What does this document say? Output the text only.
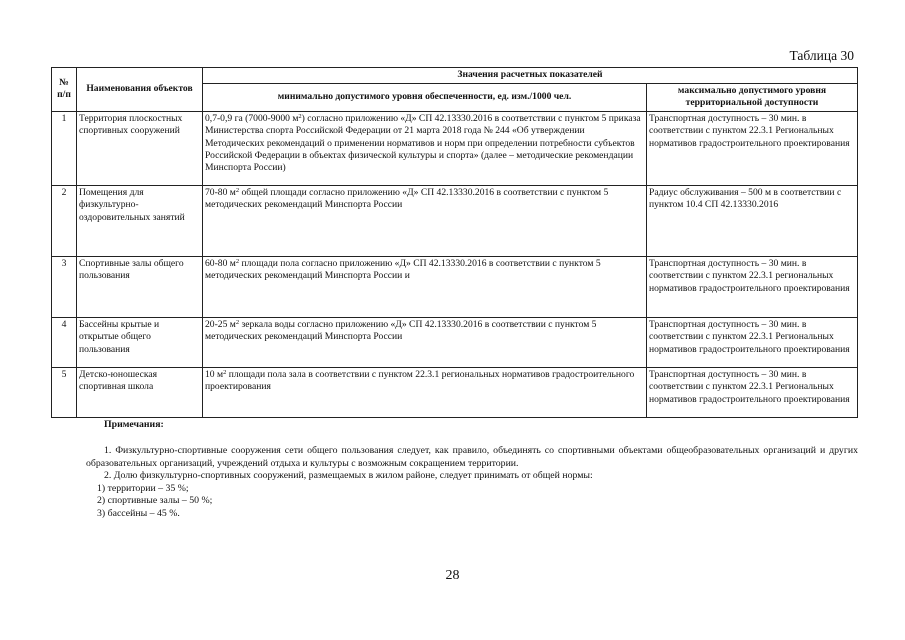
Таблица 30
№ п/п	Наименования объектов	Значения расчетных показателей	
		минимально допустимого уровня обеспеченности, ед. изм./1000 чел.	максимально допустимого уровня территориальной доступности
1	Территория плоскостных спортивных сооружений	0,7-0,9 га (7000-9000 $м^2$) согласно приложению «Д» СП 42.13330.2016 в соответствии с пунктом 5 приказа Министерства спорта Российской Федерации от 21 марта 2018 года № 244 «Об утверждении Методических рекомендаций о применении нормативов и норм при определении потребности субъектов Российской Федерации в объектах физической культуры и спорта» (далее – методические рекомендации Минспорта России)	Транспортная доступность – 30 мин. в соответствии с пунктом 22.3.1 Региональных нормативов градостроительного проектирования
2	Помещения для физкультурно-оздоровительных занятий	70-80 $м^2$ общей площади согласно приложению «Д» СП 42.13330.2016 в соответствии с пунктом 5 методических рекомендаций Минспорта России	Радиус обслуживания – 500 м в соответствии с пунктом 10.4 СП 42.13330.2016
3	Спортивные залы общего пользования	60-80 $м^2$ площади пола согласно приложению «Д» СП 42.13330.2016 в соответствии с пунктом 5 методических рекомендаций Минспорта России и	Транспортная доступность – 30 мин. в соответствии с пунктом 22.3.1 региональных нормативов градостроительного проектирования
4	Бассейны крытые и открытые общего пользования	20-25 $м^2$ зеркала воды согласно приложению «Д» СП 42.13330.2016 в соответствии с пунктом 5 методических рекомендаций Минспорта России	Транспортная доступность – 30 мин. в соответствии с пунктом 22.3.1 Региональных нормативов градостроительного проектирования
5	Детско-юношеская спортивная школа	10 $м^2$ площади пола зала в соответствии с пунктом 22.3.1 региональных нормативов градостроительного проектирования	Транспортная доступность – 30 мин. в соответствии с пунктом 22.3.1 Региональных нормативов градостроительного проектирования
Примечания:

1. Физкультурно-спортивные сооружения сети общего пользования следует, как правило, объединять со спортивными объектами общеобразовательных организаций и других образовательных организаций, учреждений отдыха и культуры с возможным сокращением территории.

2. Долю физкультурно-спортивных сооружений, размещаемых в жилом районе, следует принимать от общей нормы:

1) территории – 35 %;

2) спортивные залы – 50 %;

3) бассейны – 45 %.

28
